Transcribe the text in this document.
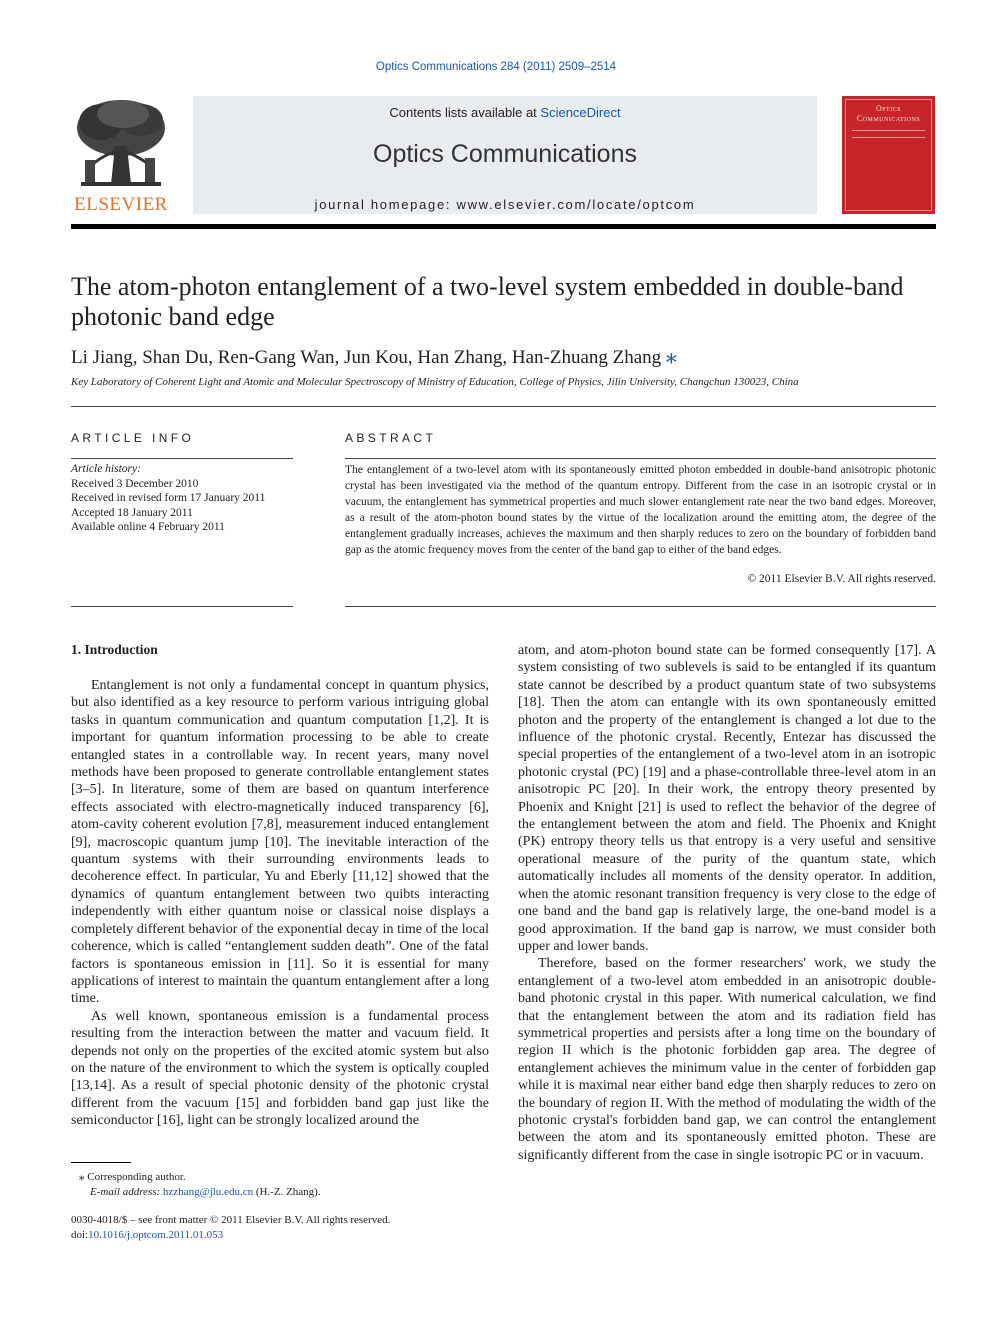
Optics Communications 284 (2011) 2509–2514
ELSEVIER
Contents lists available at ScienceDirect
Optics Communications
journal homepage: www.elsevier.com/locate/optcom
Optics
Communications
The atom-photon entanglement of a two-level system embedded in double-band photonic band edge
Li Jiang, Shan Du, Ren-Gang Wan, Jun Kou, Han Zhang, Han-Zhuang Zhang ⁎
Key Laboratory of Coherent Light and Atomic and Molecular Spectroscopy of Ministry of Education, College of Physics, Jilin University, Changchun 130023, China
ARTICLE INFO
Article history:
Received 3 December 2010
Received in revised form 17 January 2011
Accepted 18 January 2011
Available online 4 February 2011
ABSTRACT
The entanglement of a two-level atom with its spontaneously emitted photon embedded in double-band anisotropic photonic crystal has been investigated via the method of the quantum entropy. Different from the case in an isotropic crystal or in vacuum, the entanglement has symmetrical properties and much slower entanglement rate near the two band edges. Moreover, as a result of the atom-photon bound states by the virtue of the localization around the emitting atom, the degree of the entanglement gradually increases, achieves the maximum and then sharply reduces to zero on the boundary of forbidden band gap as the atomic frequency moves from the center of the band gap to either of the band edges.
© 2011 Elsevier B.V. All rights reserved.
1. Introduction

Entanglement is not only a fundamental concept in quantum physics, but also identified as a key resource to perform various intriguing global tasks in quantum communication and quantum computation [1,2]. It is important for quantum information processing to be able to create entangled states in a controllable way. In recent years, many novel methods have been proposed to generate controllable entanglement states [3–5]. In literature, some of them are based on quantum interference effects associated with electro-magnetically induced transparency [6], atom-cavity coherent evolution [7,8], measurement induced entanglement [9], macroscopic quantum jump [10]. The inevitable interaction of the quantum systems with their surrounding environments leads to decoherence effect. In particular, Yu and Eberly [11,12] showed that the dynamics of quantum entanglement between two quibts interacting independently with either quantum noise or classical noise displays a completely different behavior of the exponential decay in time of the local coherence, which is called “entanglement sudden death”. One of the fatal factors is spontaneous emission in [11]. So it is essential for many applications of interest to maintain the quantum entanglement after a long time.

As well known, spontaneous emission is a fundamental process resulting from the interaction between the matter and vacuum field. It depends not only on the properties of the excited atomic system but also on the nature of the environment to which the system is optically coupled [13,14]. As a result of special photonic density of the photonic crystal different from the vacuum [15] and forbidden band gap just like the semiconductor [16], light can be strongly localized around the

atom, and atom-photon bound state can be formed consequently [17]. A system consisting of two sublevels is said to be entangled if its quantum state cannot be described by a product quantum state of two subsystems [18]. Then the atom can entangle with its own spontaneously emitted photon and the property of the entanglement is changed a lot due to the influence of the photonic crystal. Recently, Entezar has discussed the special properties of the entanglement of a two-level atom in an isotropic photonic crystal (PC) [19] and a phase-controllable three-level atom in an anisotropic PC [20]. In their work, the entropy theory presented by Phoenix and Knight [21] is used to reflect the behavior of the degree of the entanglement between the atom and field. The Phoenix and Knight (PK) entropy theory tells us that entropy is a very useful and sensitive operational measure of the purity of the quantum state, which automatically includes all moments of the density operator. In addition, when the atomic resonant transition frequency is very close to the edge of one band and the band gap is relatively large, the one-band model is a good approximation. If the band gap is narrow, we must consider both upper and lower bands.

Therefore, based on the former researchers' work, we study the entanglement of a two-level atom embedded in an anisotropic double-band photonic crystal in this paper. With numerical calculation, we find that the entanglement between the atom and its radiation field has symmetrical properties and persists after a long time on the boundary of region II which is the photonic forbidden gap area. The degree of entanglement achieves the minimum value in the center of forbidden gap while it is maximal near either band edge then sharply reduces to zero on the boundary of region II. With the method of modulating the width of the photonic crystal's forbidden band gap, we can control the entanglement between the atom and its spontaneously emitted photon. These are significantly different from the case in single isotropic PC or in vacuum.

⁎ Corresponding author.
E-mail address: hzzhang@jlu.edu.cn (H.-Z. Zhang).
0030-4018/$ – see front matter © 2011 Elsevier B.V. All rights reserved.
doi:10.1016/j.optcom.2011.01.053
